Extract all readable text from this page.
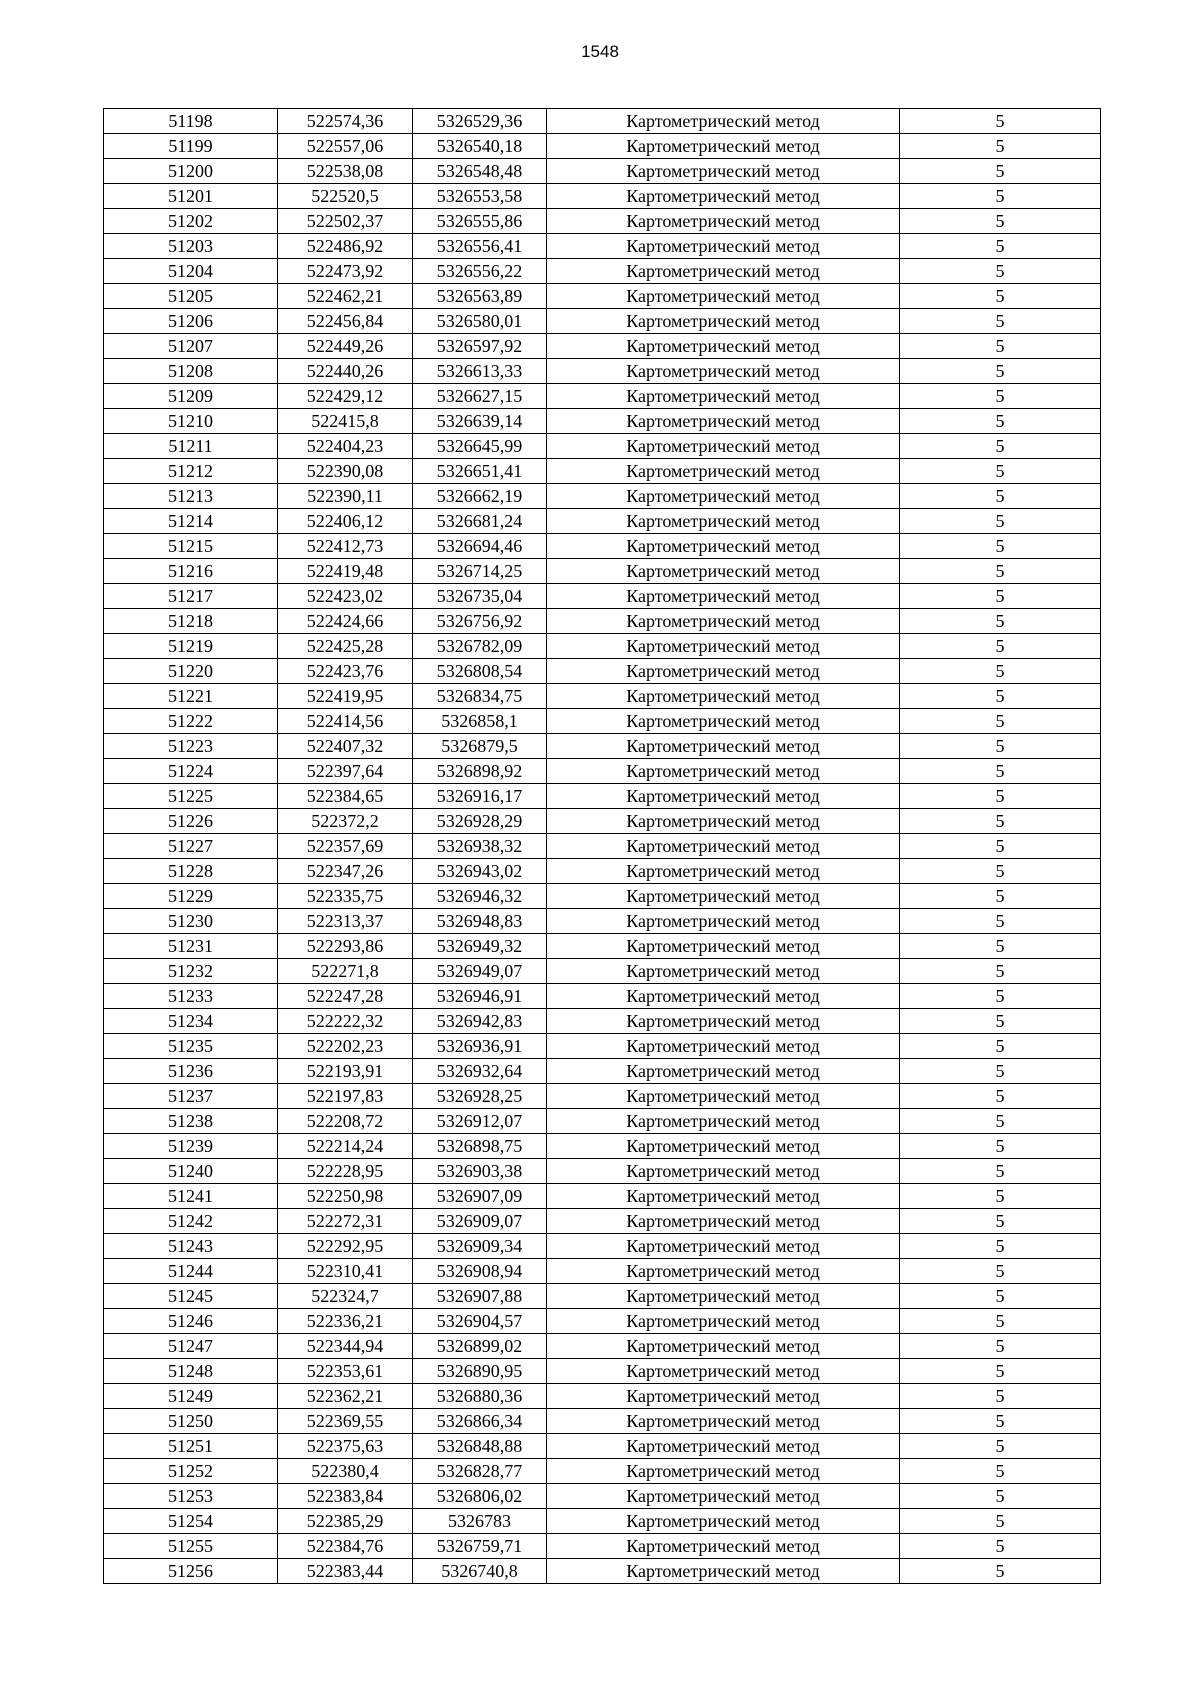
1548
51198	522574,36	5326529,36	Картометрический метод	5
51199	522557,06	5326540,18	Картометрический метод	5
51200	522538,08	5326548,48	Картометрический метод	5
51201	522520,5	5326553,58	Картометрический метод	5
51202	522502,37	5326555,86	Картометрический метод	5
51203	522486,92	5326556,41	Картометрический метод	5
51204	522473,92	5326556,22	Картометрический метод	5
51205	522462,21	5326563,89	Картометрический метод	5
51206	522456,84	5326580,01	Картометрический метод	5
51207	522449,26	5326597,92	Картометрический метод	5
51208	522440,26	5326613,33	Картометрический метод	5
51209	522429,12	5326627,15	Картометрический метод	5
51210	522415,8	5326639,14	Картометрический метод	5
51211	522404,23	5326645,99	Картометрический метод	5
51212	522390,08	5326651,41	Картометрический метод	5
51213	522390,11	5326662,19	Картометрический метод	5
51214	522406,12	5326681,24	Картометрический метод	5
51215	522412,73	5326694,46	Картометрический метод	5
51216	522419,48	5326714,25	Картометрический метод	5
51217	522423,02	5326735,04	Картометрический метод	5
51218	522424,66	5326756,92	Картометрический метод	5
51219	522425,28	5326782,09	Картометрический метод	5
51220	522423,76	5326808,54	Картометрический метод	5
51221	522419,95	5326834,75	Картометрический метод	5
51222	522414,56	5326858,1	Картометрический метод	5
51223	522407,32	5326879,5	Картометрический метод	5
51224	522397,64	5326898,92	Картометрический метод	5
51225	522384,65	5326916,17	Картометрический метод	5
51226	522372,2	5326928,29	Картометрический метод	5
51227	522357,69	5326938,32	Картометрический метод	5
51228	522347,26	5326943,02	Картометрический метод	5
51229	522335,75	5326946,32	Картометрический метод	5
51230	522313,37	5326948,83	Картометрический метод	5
51231	522293,86	5326949,32	Картометрический метод	5
51232	522271,8	5326949,07	Картометрический метод	5
51233	522247,28	5326946,91	Картометрический метод	5
51234	522222,32	5326942,83	Картометрический метод	5
51235	522202,23	5326936,91	Картометрический метод	5
51236	522193,91	5326932,64	Картометрический метод	5
51237	522197,83	5326928,25	Картометрический метод	5
51238	522208,72	5326912,07	Картометрический метод	5
51239	522214,24	5326898,75	Картометрический метод	5
51240	522228,95	5326903,38	Картометрический метод	5
51241	522250,98	5326907,09	Картометрический метод	5
51242	522272,31	5326909,07	Картометрический метод	5
51243	522292,95	5326909,34	Картометрический метод	5
51244	522310,41	5326908,94	Картометрический метод	5
51245	522324,7	5326907,88	Картометрический метод	5
51246	522336,21	5326904,57	Картометрический метод	5
51247	522344,94	5326899,02	Картометрический метод	5
51248	522353,61	5326890,95	Картометрический метод	5
51249	522362,21	5326880,36	Картометрический метод	5
51250	522369,55	5326866,34	Картометрический метод	5
51251	522375,63	5326848,88	Картометрический метод	5
51252	522380,4	5326828,77	Картометрический метод	5
51253	522383,84	5326806,02	Картометрический метод	5
51254	522385,29	5326783	Картометрический метод	5
51255	522384,76	5326759,71	Картометрический метод	5
51256	522383,44	5326740,8	Картометрический метод	5
